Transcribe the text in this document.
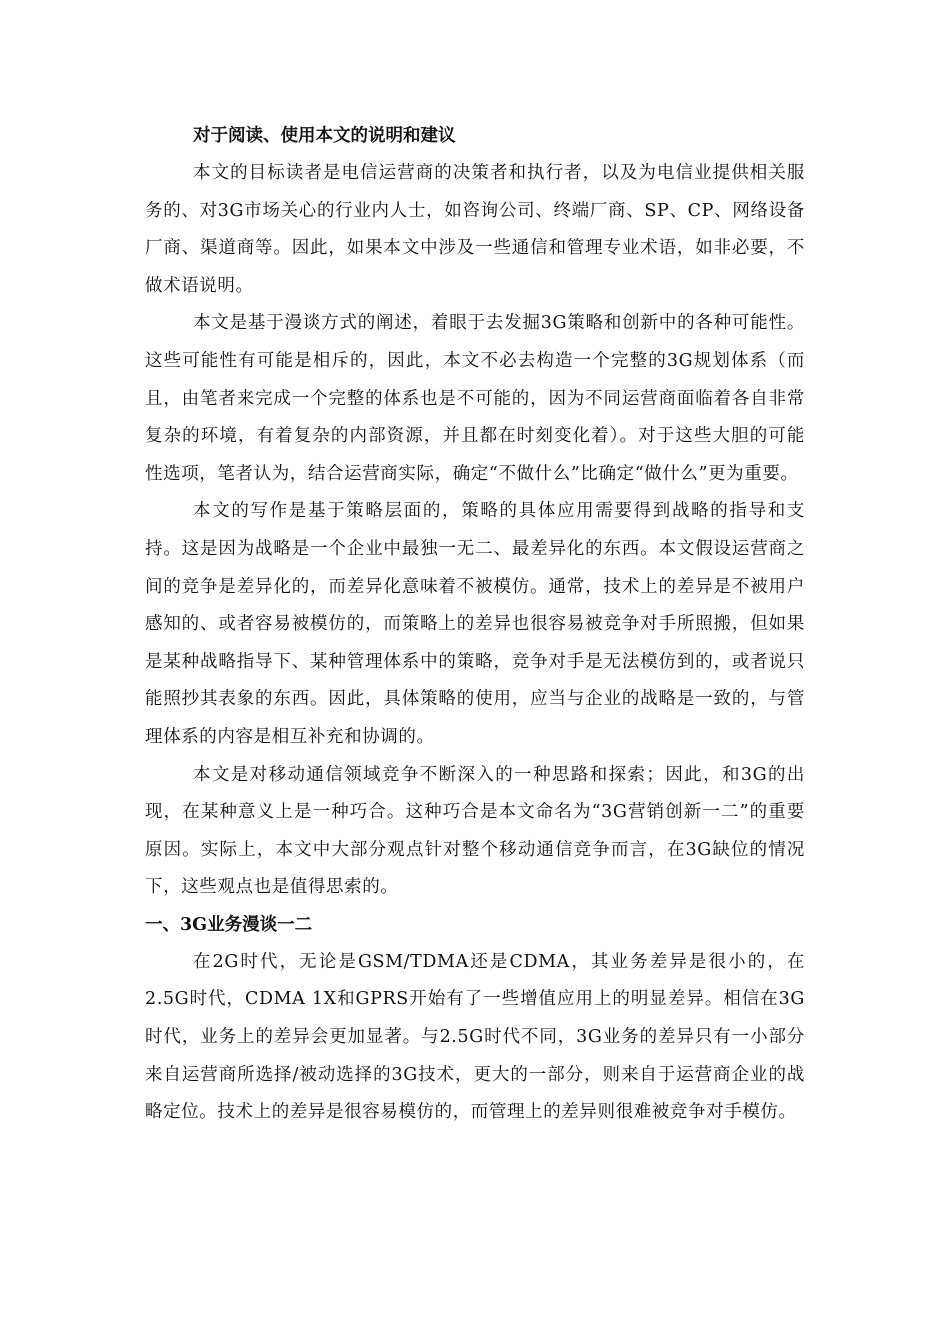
对于阅读、使用本文的说明和建议

本文的目标读者是电信运营商的决策者和执行者，以及为电信业提供相关服务的、对3G市场关心的行业内人士，如咨询公司、终端厂商、SP、CP、网络设备厂商、渠道商等。因此，如果本文中涉及一些通信和管理专业术语，如非必要，不做术语说明。

本文是基于漫谈方式的阐述，着眼于去发掘3G策略和创新中的各种可能性。这些可能性有可能是相斥的，因此，本文不必去构造一个完整的3G规划体系（而且，由笔者来完成一个完整的体系也是不可能的，因为不同运营商面临着各自非常复杂的环境，有着复杂的内部资源，并且都在时刻变化着）。对于这些大胆的可能性选项，笔者认为，结合运营商实际，确定“不做什么”比确定“做什么”更为重要。

本文的写作是基于策略层面的，策略的具体应用需要得到战略的指导和支持。这是因为战略是一个企业中最独一无二、最差异化的东西。本文假设运营商之间的竞争是差异化的，而差异化意味着不被模仿。通常，技术上的差异是不被用户感知的、或者容易被模仿的，而策略上的差异也很容易被竞争对手所照搬，但如果是某种战略指导下、某种管理体系中的策略，竞争对手是无法模仿到的，或者说只能照抄其表象的东西。因此，具体策略的使用，应当与企业的战略是一致的，与管理体系的内容是相互补充和协调的。

本文是对移动通信领域竞争不断深入的一种思路和探索；因此，和3G的出现，在某种意义上是一种巧合。这种巧合是本文命名为“3G营销创新一二”的重要原因。实际上，本文中大部分观点针对整个移动通信竞争而言，在3G缺位的情况下，这些观点也是值得思索的。

一、3G业务漫谈一二

在2G时代，无论是GSM/TDMA还是CDMA，其业务差异是很小的，在2.5G时代，CDMA 1X和GPRS开始有了一些增值应用上的明显差异。相信在3G时代，业务上的差异会更加显著。与2.5G时代不同，3G业务的差异只有一小部分来自运营商所选择/被动选择的3G技术，更大的一部分，则来自于运营商企业的战略定位。技术上的差异是很容易模仿的，而管理上的差异则很难被竞争对手模仿。
